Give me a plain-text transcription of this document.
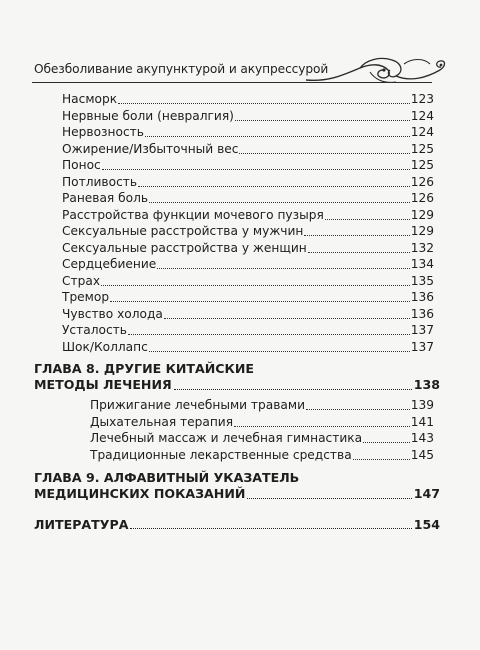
Обезболивание акупунктурой и акупрессурой
Насморк	123
Нервные боли (невралгия)	124
Нервозность	124
Ожирение/Избыточный вес	125
Понос	125
Потливость	126
Раневая боль	126
Расстройства функции мочевого пузыря	129
Сексуальные расстройства у мужчин	129
Сексуальные расстройства у женщин	132
Сердцебиение	134
Страх	135
Тремор	136
Чувство холода	136
Усталость	137
Шок/Коллапс	137
ГЛАВА 8. ДРУГИЕ КИТАЙСКИЕ
МЕТОДЫ ЛЕЧЕНИЯ	138
Прижигание лечебными травами	139
Дыхательная терапия	141
Лечебный массаж и лечебная гимнастика	143
Традиционные лекарственные средства	145
ГЛАВА 9. АЛФАВИТНЫЙ УКАЗАТЕЛЬ
МЕДИЦИНСКИХ ПОКАЗАНИЙ	147
ЛИТЕРАТУРА	154
